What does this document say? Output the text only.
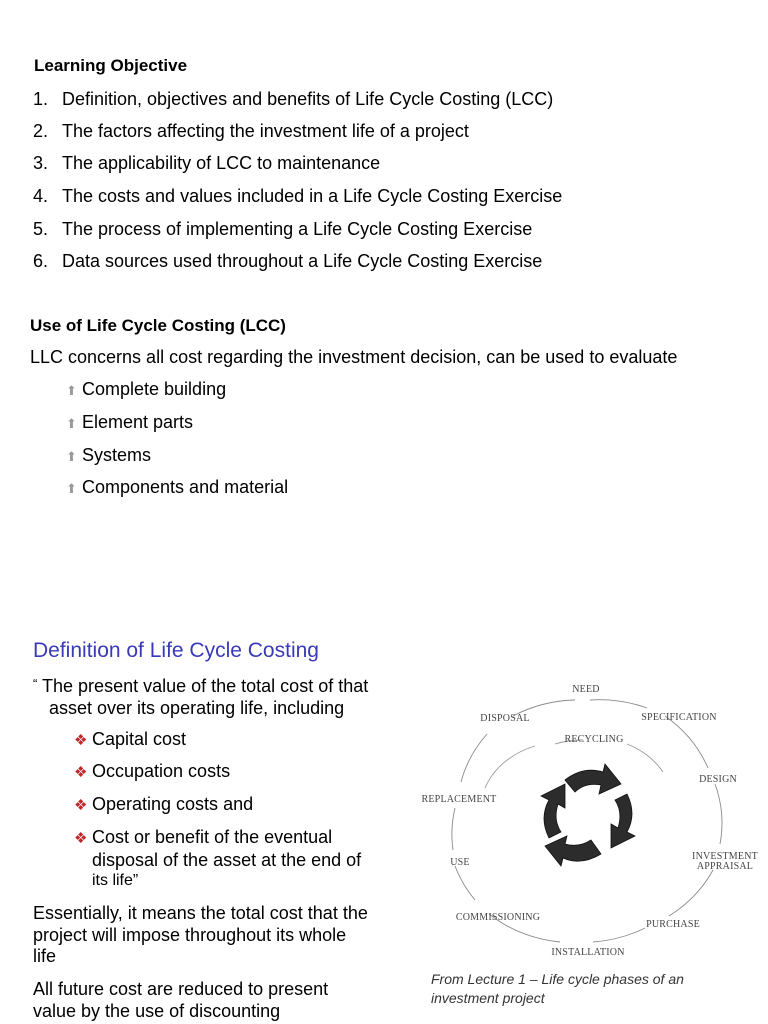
Learning Objective
1. Definition, objectives and benefits of Life Cycle Costing (LCC)
2. The factors affecting the investment life of a project
3. The applicability of LCC to maintenance
4. The costs and values included in a Life Cycle Costing Exercise
5. The process of implementing a Life Cycle Costing Exercise
6. Data sources used throughout a Life Cycle Costing Exercise
Use of Life Cycle Costing (LCC)
LLC concerns all cost regarding the investment decision, can be used to evaluate
⬆ Complete building
⬆ Element parts
⬆ Systems
⬆ Components and material
Definition of Life Cycle Costing
“ The present value of the total cost of that
asset over its operating life, including
❖ Capital cost
❖ Occupation costs
❖ Operating costs and
❖ Cost or benefit of the eventual
disposal of the asset at the end of
its life”
Essentially, it means the total cost that the
project will impose throughout its whole
life
All future cost are reduced to present
value by the use of discounting
NEED
SPECIFICATION
DESIGN
INVESTMENT
APPRAISAL
PURCHASE
INSTALLATION
COMMISSIONING
USE
REPLACEMENT
DISPOSAL
RECYCLING
From Lecture 1 – Life cycle phases of an
investment project
